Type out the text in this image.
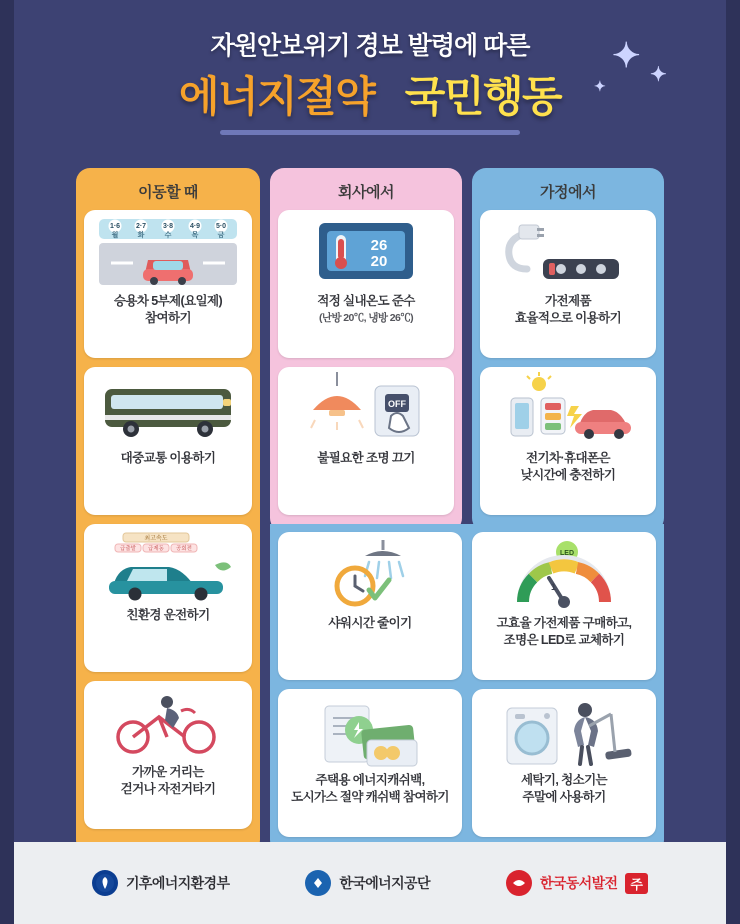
자원안보위기 경보 발령에 따른
에너지절약 국민행동
✦ ✦
✦
이동할 때
1·6 2·7 3·8 4·9 5·0
월	화	수	목	금
승용차 5부제(요일제)
참여하기
대중교통 이용하기
최고속도
급출발 급제동 공회전
친환경 운전하기
가까운 거리는
걷거나 자전거타기
회사에서
26
20
적정 실내온도 준수
(난방 20℃, 냉방 26℃)
OFF
불필요한 조명 끄기
가정에서
가전제품
효율적으로 이용하기
전기차·휴대폰은
낮시간에 충전하기
샤워시간 줄이기
주택용 에너지캐쉬백,
도시가스 절약 캐쉬백 참여하기
LED
1
고효율 가전제품 구매하고,
조명은 LED로 교체하기
세탁기, 청소기는
주말에 사용하기
기후에너지환경부	한국에너지공단	한국동서발전	주
